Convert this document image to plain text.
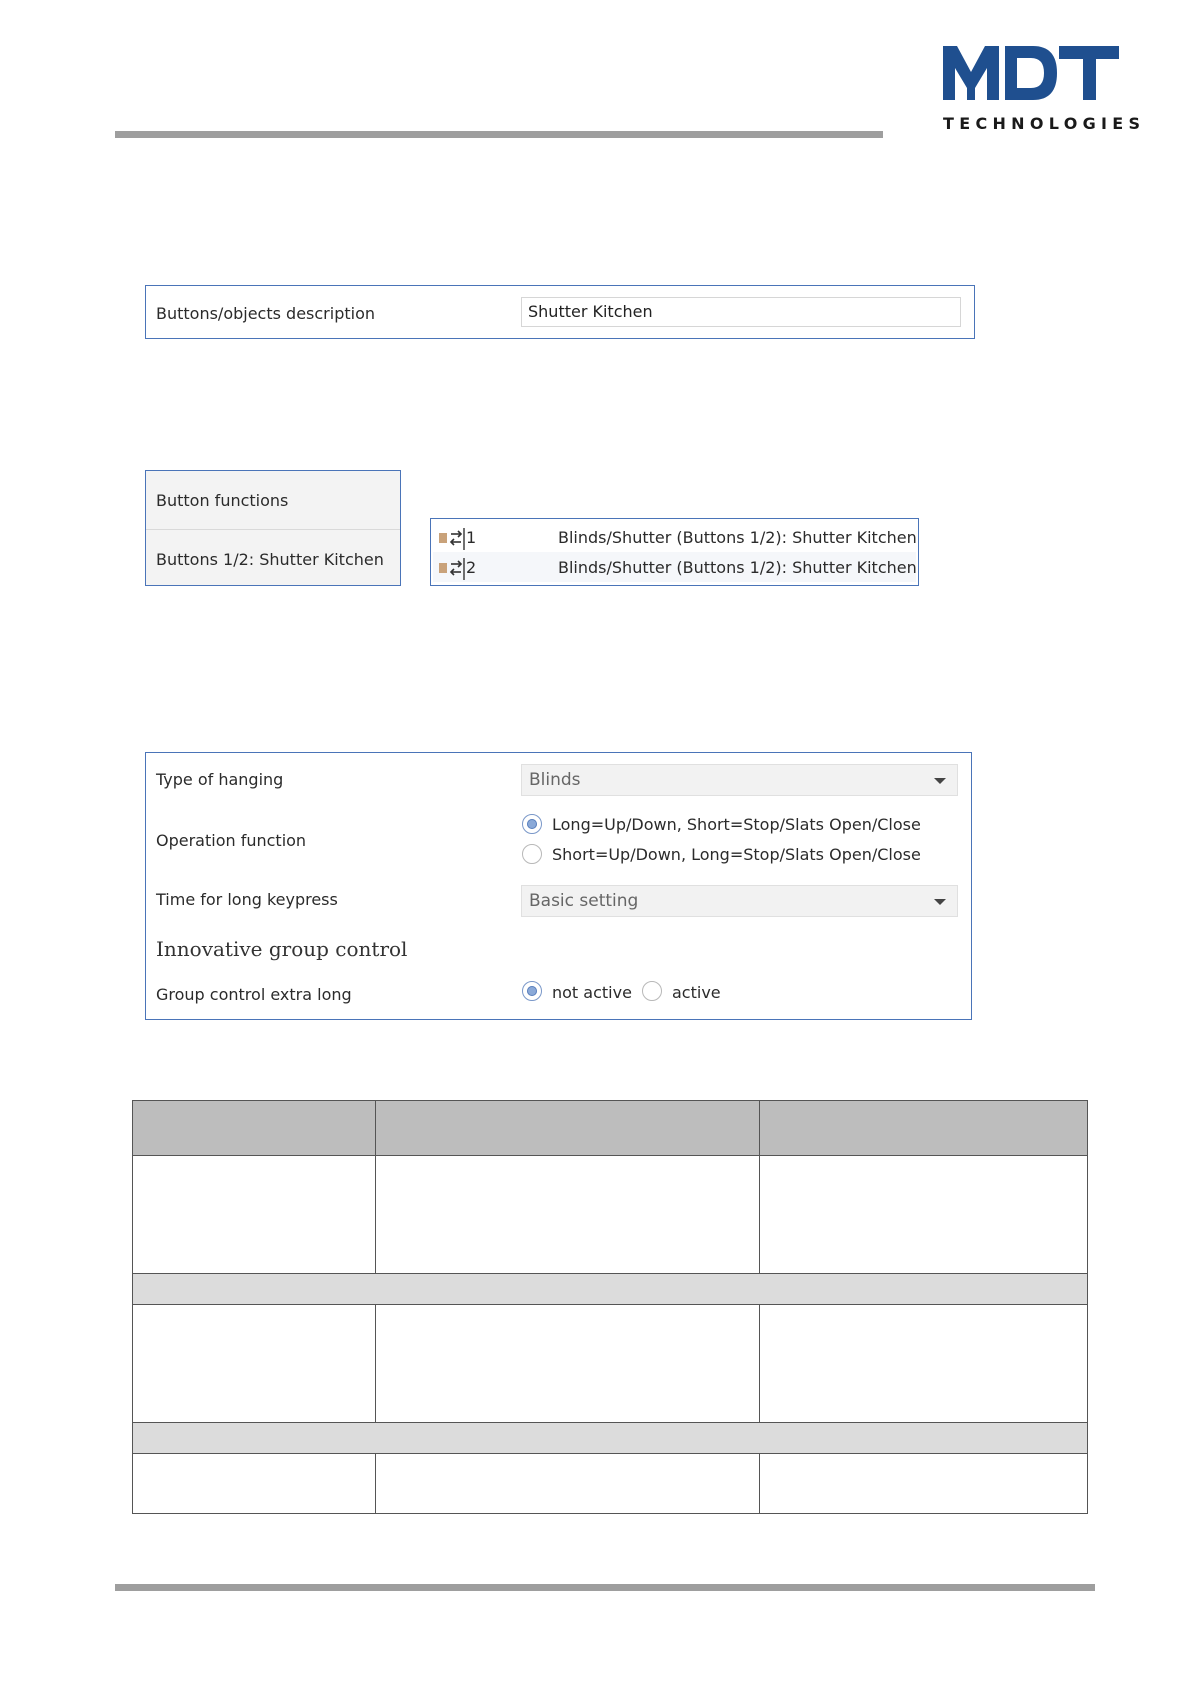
TECHNOLOGIES
Buttons/objects description	Shutter Kitchen
Button functions
Buttons 1/2: Shutter Kitchen
1	Blinds/Shutter (Buttons 1/2): Shutter Kitchen
2	Blinds/Shutter (Buttons 1/2): Shutter Kitchen
Type of hanging	Blinds
Operation function
Long=Up/Down, Short=Stop/Slats Open/Close
Short=Up/Down, Long=Stop/Slats Open/Close
Time for long keypress	Basic setting
Innovative group control
Group control extra long	not active	active
